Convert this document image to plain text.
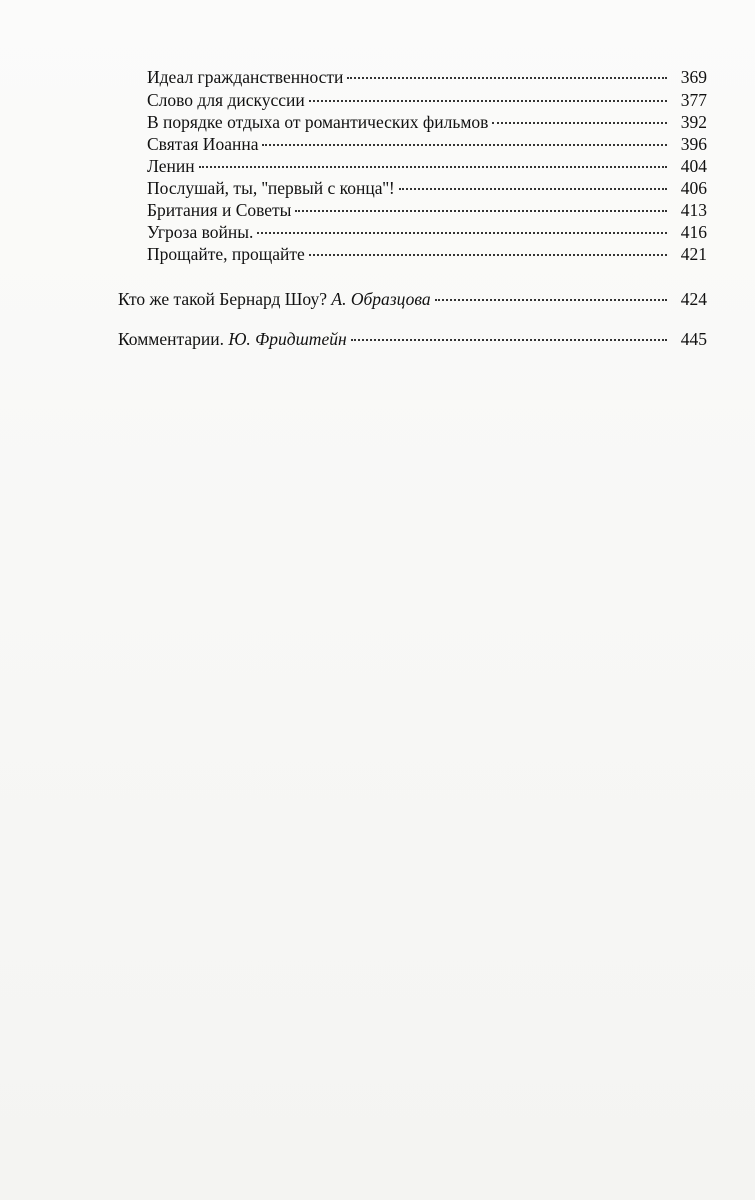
Идеал гражданственности	369
Слово для дискуссии	377
В порядке отдыха от романтических фильмов	392
Святая Иоанна	396
Ленин	404
Послушай, ты, ''первый с конца''!	406
Британия и Советы	413
Угроза войны.	416
Прощайте, прощайте	421
Кто же такой Бернард Шоу? А. Образцова	424
Комментарии. Ю. Фридштейн	445
